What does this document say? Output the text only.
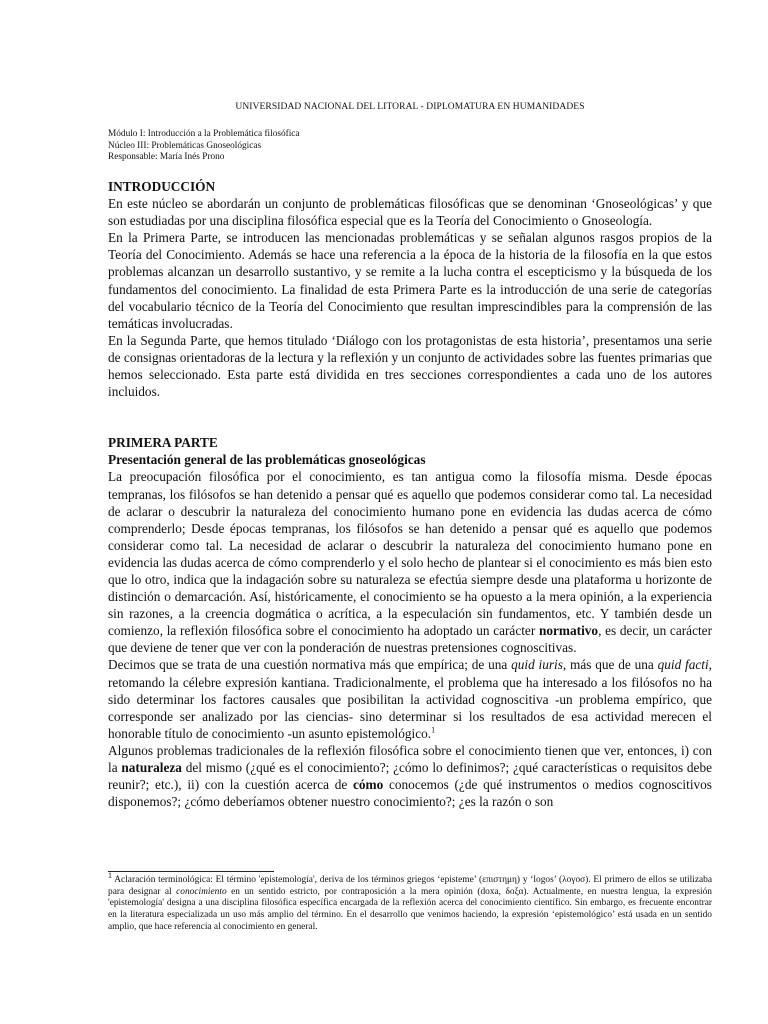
UNIVERSIDAD NACIONAL DEL LITORAL - DIPLOMATURA EN HUMANIDADES
Módulo I: Introducción a la Problemática filosófica
Núcleo III: Problemáticas Gnoseológicas
Responsable: María Inés Prono

INTRODUCCIÓN

En este núcleo se abordarán un conjunto de problemáticas filosóficas que se denominan ‘Gnoseológicas’ y que son estudiadas por una disciplina filosófica especial que es la Teoría del Conocimiento o Gnoseología.

En la Primera Parte, se introducen las mencionadas problemáticas y se señalan algunos rasgos propios de la Teoría del Conocimiento. Además se hace una referencia a la época de la historia de la filosofía en la que estos problemas alcanzan un desarrollo sustantivo, y se remite a la lucha contra el escepticismo y la búsqueda de los fundamentos del conocimiento. La finalidad de esta Primera Parte es la introducción de una serie de categorías del vocabulario técnico de la Teoría del Conocimiento que resultan imprescindibles para la comprensión de las temáticas involucradas.

En la Segunda Parte, que hemos titulado ‘Diálogo con los protagonistas de esta historia’, presentamos una serie de consignas orientadoras de la lectura y la reflexión y un conjunto de actividades sobre las fuentes primarias que hemos seleccionado. Esta parte está dividida en tres secciones correspondientes a cada uno de los autores incluidos.

PRIMERA PARTE

Presentación general de las problemáticas gnoseológicas

La preocupación filosófica por el conocimiento, es tan antigua como la filosofía misma. Desde épocas tempranas, los filósofos se han detenido a pensar qué es aquello que podemos considerar como tal. La necesidad de aclarar o descubrir la naturaleza del conocimiento humano pone en evidencia las dudas acerca de cómo comprenderlo; Desde épocas tempranas, los filósofos se han detenido a pensar qué es aquello que podemos considerar como tal. La necesidad de aclarar o descubrir la naturaleza del conocimiento humano pone en evidencia las dudas acerca de cómo comprenderlo y el solo hecho de plantear si el conocimiento es más bien esto que lo otro, indica que la indagación sobre su naturaleza se efectúa siempre desde una plataforma u horizonte de distinción o demarcación. Así, históricamente, el conocimiento se ha opuesto a la mera opinión, a la experiencia sin razones, a la creencia dogmática o acrítica, a la especulación sin fundamentos, etc. Y también desde un comienzo, la reflexión filosófica sobre el conocimiento ha adoptado un carácter normativo, es decir, un carácter que deviene de tener que ver con la ponderación de nuestras pretensiones cognoscitivas.

Decimos que se trata de una cuestión normativa más que empírica; de una quid iuris, más que de una quid facti, retomando la célebre expresión kantiana. Tradicionalmente, el problema que ha interesado a los filósofos no ha sido determinar los factores causales que posibilitan la actividad cognoscitiva -un problema empírico, que corresponde ser analizado por las ciencias- sino determinar si los resultados de esa actividad merecen el honorable título de conocimiento -un asunto epistemológico.$^1$

Algunos problemas tradicionales de la reflexión filosófica sobre el conocimiento tienen que ver, entonces, i) con la naturaleza del mismo (¿qué es el conocimiento?; ¿cómo lo definimos?; ¿qué características o requisitos debe reunir?; etc.), ii) con la cuestión acerca de cómo conocemos (¿de qué instrumentos o medios cognoscitivos disponemos?; ¿cómo deberíamos obtener nuestro conocimiento?; ¿es la razón o son

$^1$ Aclaración terminológica: El término 'epistemología', deriva de los términos griegos ‘episteme’ (επιστημη) y ‘logos’ (λογοσ). El primero de ellos se utilizaba para designar al conocimiento en un sentido estricto, por contraposición a la mera opinión (doxa, δοξα). Actualmente, en nuestra lengua, la expresión 'epistemología' designa a una disciplina filosófica específica encargada de la reflexión acerca del conocimiento científico. Sin embargo, es frecuente encontrar en la literatura especializada un uso más amplio del término. En el desarrollo que venimos haciendo, la expresión ‘epistemológico’ está usada en un sentido amplio, que hace referencia al conocimiento en general.
